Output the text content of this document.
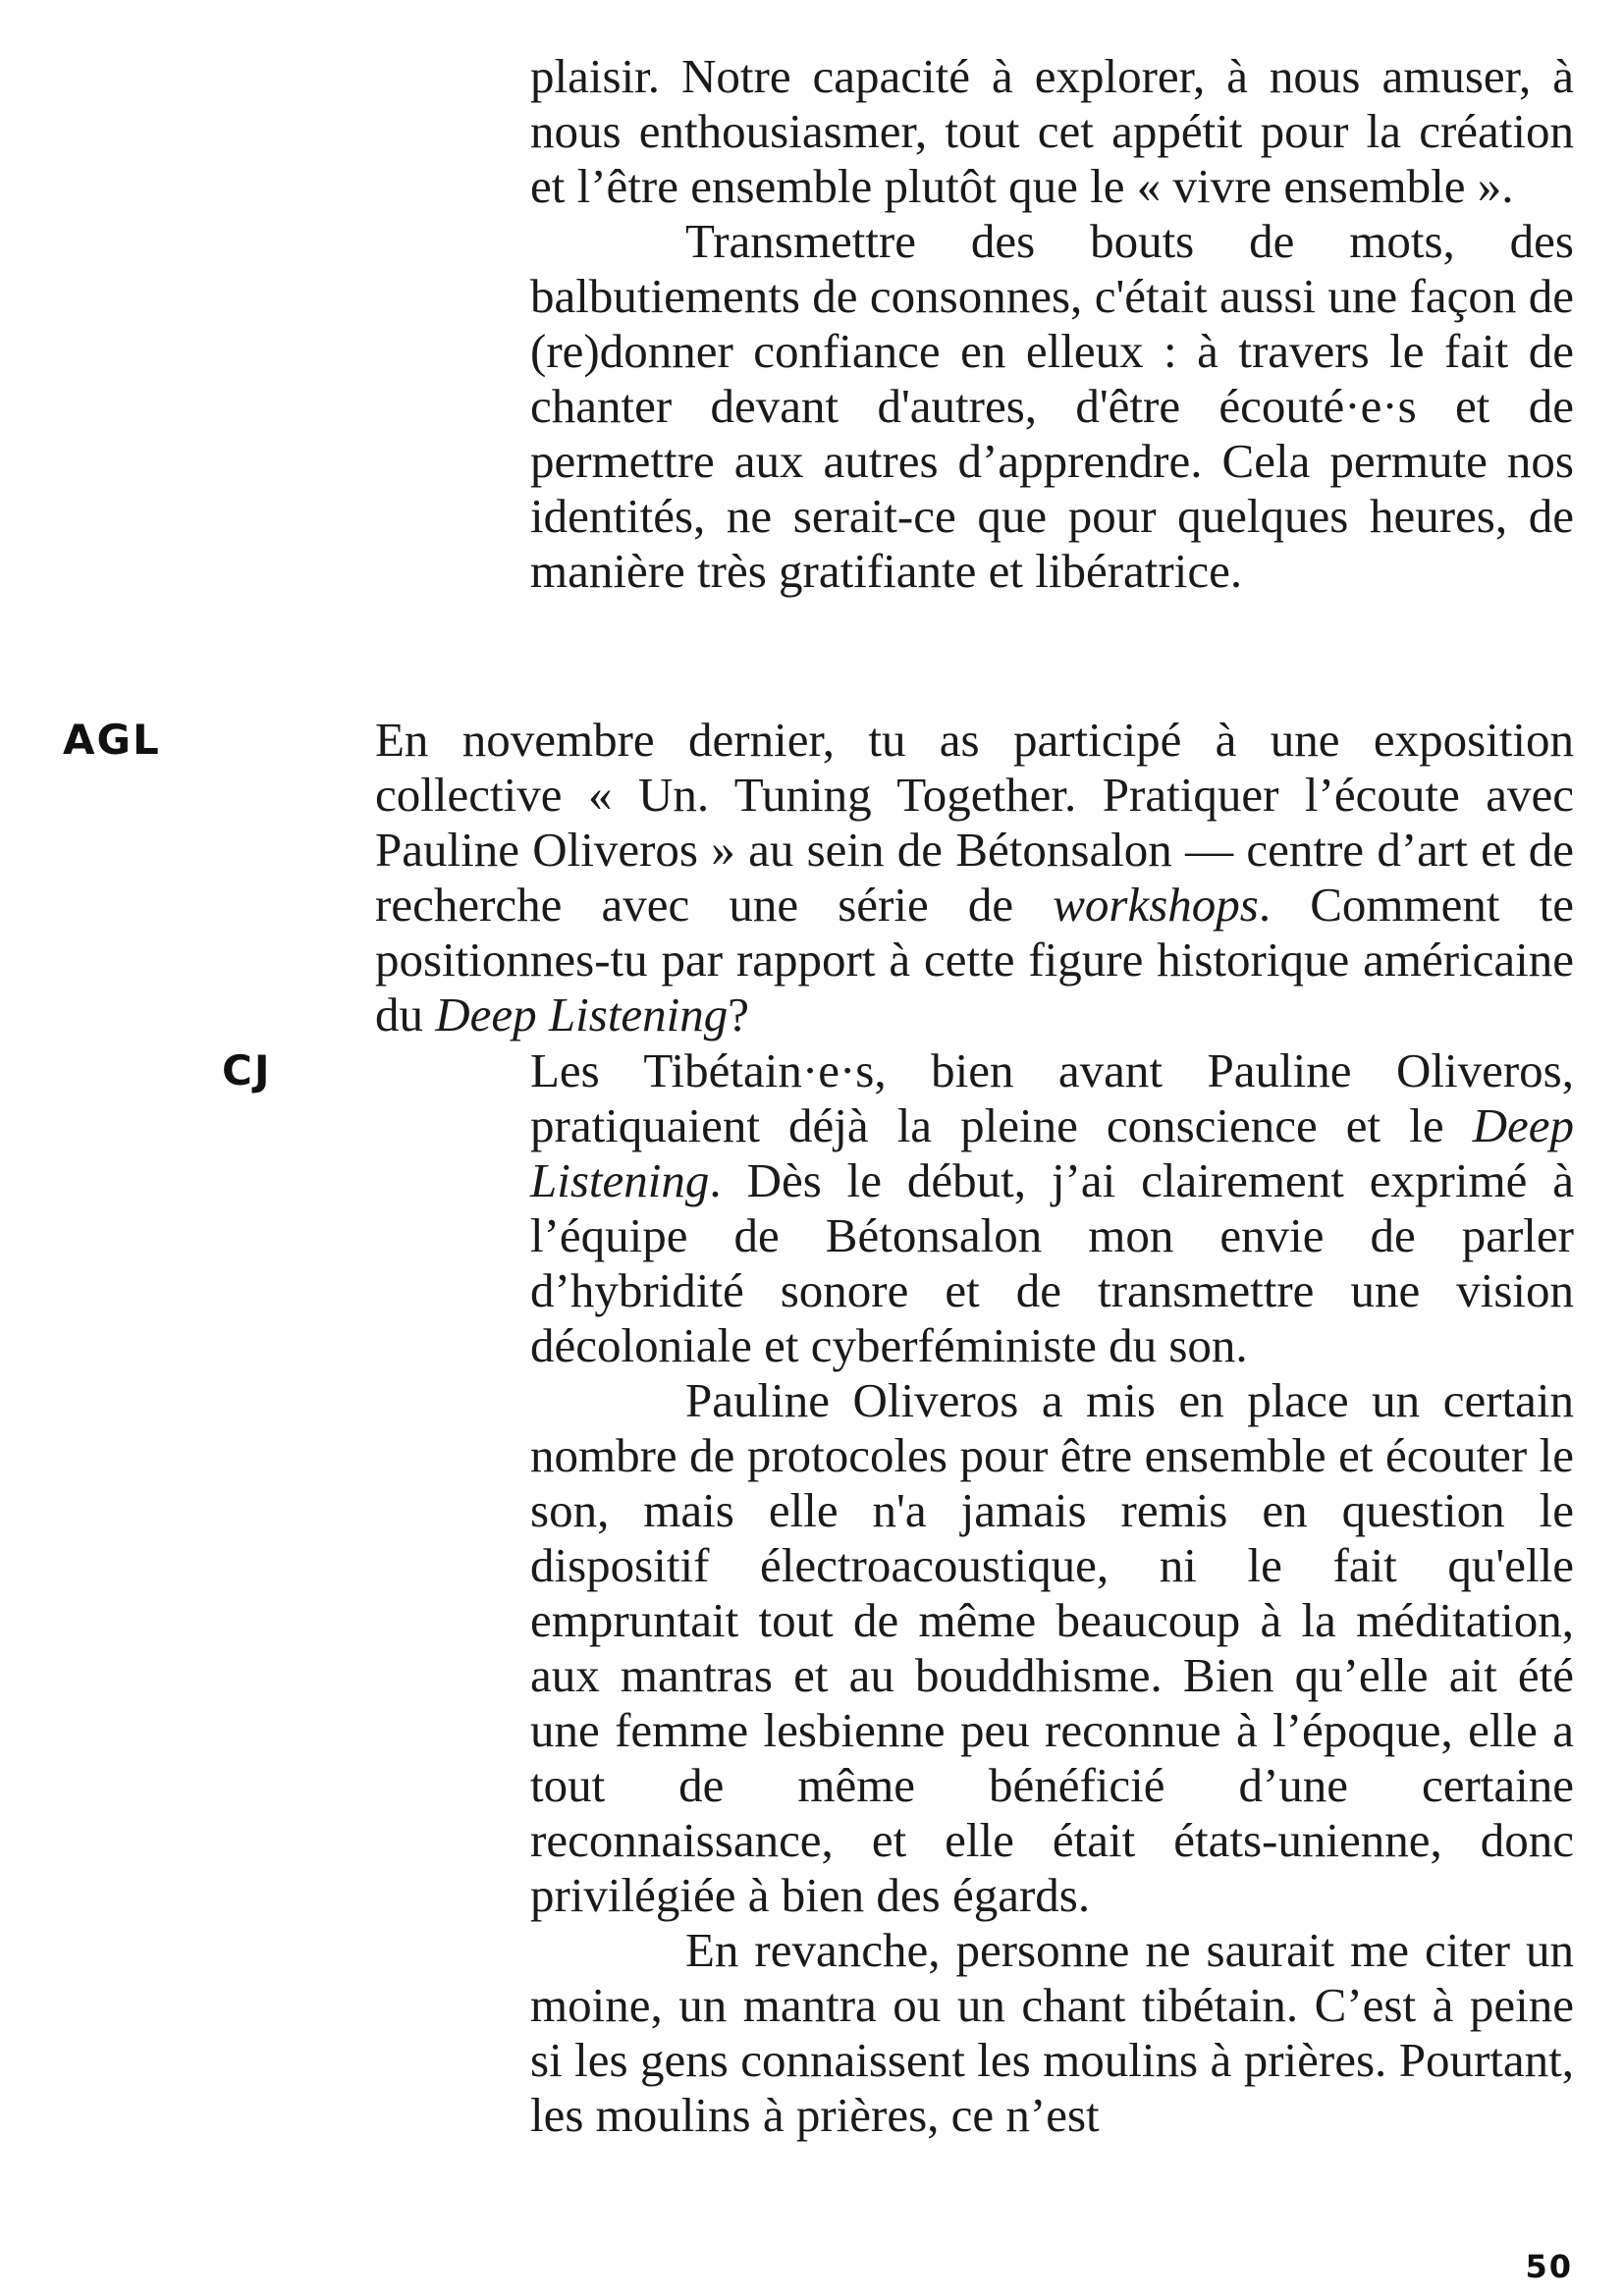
plaisir. Notre capacité à explorer, à nous amuser, à nous enthousiasmer, tout cet appétit pour la création et l’être ensemble plutôt que le « vivre ensemble ».

Transmettre des bouts de mots, des balbutiements de consonnes, c'était aussi une façon de (re)donner confiance en elleux : à travers le fait de chanter devant d'autres, d'être écouté·e·s et de permettre aux autres d’apprendre. Cela permute nos identités, ne serait-ce que pour quelques heures, de manière très gratifiante et libératrice.

AGL	En novembre dernier, tu as participé à une exposition collective « Un. Tuning Together. Pratiquer l’écoute avec Pauline Oliveros » au sein de Bétonsalon — centre d’art et de recherche avec une série de workshops. Comment te positionnes-tu par rapport à cette figure historique américaine du Deep Listening?

CJ	Les Tibétain·e·s, bien avant Pauline Oliveros, pratiquaient déjà la pleine conscience et le Deep Listening. Dès le début, j’ai clairement exprimé à l’équipe de Bétonsalon mon envie de parler d’hybridité sonore et de transmettre une vision décoloniale et cyberféministe du son.

Pauline Oliveros a mis en place un certain nombre de protocoles pour être ensemble et écouter le son, mais elle n'a jamais remis en question le dispositif électroacoustique, ni le fait qu'elle empruntait tout de même beaucoup à la méditation, aux mantras et au bouddhisme. Bien qu’elle ait été une femme lesbienne peu reconnue à l’époque, elle a tout de même bénéficié d’une certaine reconnaissance, et elle était états-unienne, donc privilégiée à bien des égards.

En revanche, personne ne saurait me citer un moine, un mantra ou un chant tibétain. C’est à peine si les gens connaissent les moulins à prières. Pourtant, les moulins à prières, ce n’est

50
